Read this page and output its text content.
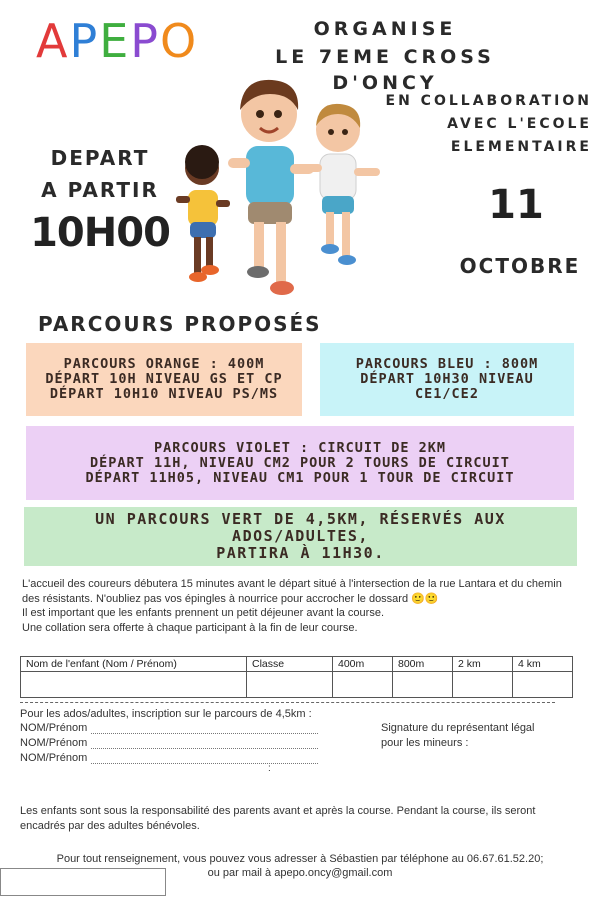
APEPO	ORGANISE
LE 7EME CROSS D'ONCY
EN COLLABORATION
AVEC L'ECOLE
ELEMENTAIRE
DEPART
A PARTIR
10H00
11
OCTOBRE
PARCOURS PROPOSÉS
PARCOURS ORANGE : 400M
DÉPART 10H NIVEAU GS ET CP
DÉPART 10H10 NIVEAU PS/MS
PARCOURS BLEU : 800M
DÉPART 10H30 NIVEAU
CE1/CE2
PARCOURS VIOLET : CIRCUIT DE 2KM
DÉPART 11H, NIVEAU CM2 POUR 2 TOURS DE CIRCUIT
DÉPART 11H05, NIVEAU CM1 POUR 1 TOUR DE CIRCUIT
UN PARCOURS VERT DE 4,5KM, RÉSERVÉS AUX ADOS/ADULTES,
PARTIRA À 11H30.

L'accueil des coureurs débutera 15 minutes avant le départ situé à l'intersection de la rue Lantara et du chemin des résistants. N'oubliez pas vos épingles à nourrice pour accrocher le dossard 🙂🙂

Il est important que les enfants prennent un petit déjeuner avant la course.

Une collation sera offerte à chaque participant à la fin de leur course.

Nom de l'enfant (Nom / Prénom)	Classe	400m	800m	2 km	4 km

Pour les ados/adultes, inscription sur le parcours de 4,5km :
NOM/Prénom
NOM/Prénom
NOM/Prénom
:
Signature du représentant légal
pour les mineurs :
Les enfants sont sous la responsabilité des parents avant et après la course. Pendant la course, ils seront encadrés par des adultes bénévoles.
Pour tout renseignement, vous pouvez vous adresser à Sébastien par téléphone au 06.67.61.52.20;
ou par mail à apepo.oncy@gmail.com
